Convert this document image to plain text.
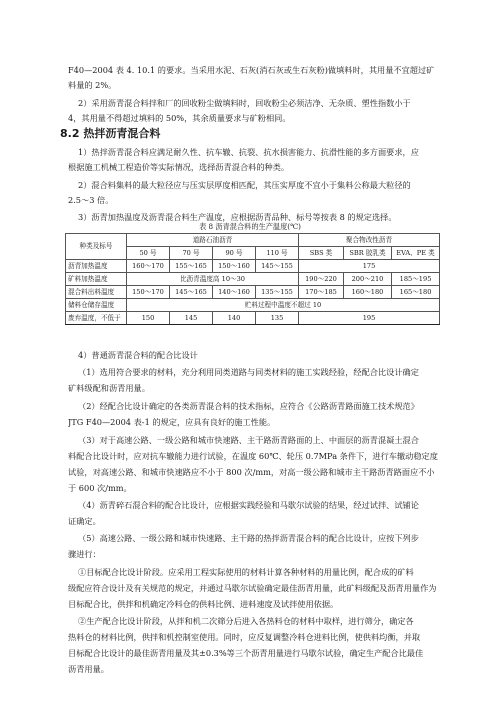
F40—2004 表 4. 10.1 的要求。当采用水泥、石灰(消石灰或生石灰粉)做填料时，其用量不宜超过矿
料量的 2%。
2）采用沥青混合料拌和厂的回收粉尘做填料时，回收粉尘必须洁净、无杂质、塑性指数小于
4，其用量不得超过填料的 50%，其余质量要求与矿粉相同。
8.2 热拌沥青混合料
1）热拌沥青混合料应满足耐久性、抗车辙、抗裂、抗水损害能力、抗滑性能的多方面要求，应
根据施工机械工程造价等实际情况，选择沥青混合料的种类。
2）混合料集料的最大粒径应与压实层厚度相匹配，其压实厚度不宜小于集料公称最大粒径的
2.5～3 倍。
3）沥青加热温度及沥青混合料生产温度，应根据沥青品种、标号等按表 8 的规定选择。
表 8 沥青混合料的生产温度(℃)
种类及标号	道路石油沥青				聚合物改性沥青		
	50 号	70 号	90 号	110 号	SBS 类	SBR 胶乳类	EVA、PE 类
沥青加热温度	160～170	155～165	150～160	145～155	175		
矿料加热温度	比沥青温度高 10～30				190～220	200～210	185～195
混合料出料温度	150～170	145～165	140～160	135～155	170～185	160～180	165～180
储料仓储存温度	贮料过程中温度不超过 10						
废弃温度，不低于	150	145	140	135	195		
4）普通沥青混合料的配合比设计
（1）选用符合要求的材料，充分利用同类道路与同类材料的施工实践经验，经配合比设计确定
矿料级配和沥青用量。
（2）经配合比设计确定的各类沥青混合料的技术指标，应符合《公路沥青路面施工技术规范》
JTG F40—2004 表-1 的规定，应具有良好的施工性能。
（3）对于高速公路、一级公路和城市快速路、主干路沥青路面的上、中面层的沥青混凝土混合
料配合比设计时，应对抗车辙能力进行试验，在温度 60℃、轮压 0.7MPa 条件下，进行车辙动稳定度
试验，对高速公路、和城市快速路应不小于 800 次/mm，对高一级公路和城市主干路沥青路面应不小
于 600 次/mm。
（4）沥青碎石混合料的配合比设计，应根据实践经验和马歇尔试验的结果，经过试拌、试铺论
证确定。
（5）高速公路、一级公路和城市快速路、主干路的热拌沥青混合料的配合比设计，应按下列步
骤进行：
①目标配合比设计阶段。应采用工程实际使用的材料计算各种材料的用量比例，配合成的矿料
级配应符合设计及有关规范的规定，并通过马歇尔试验确定最佳沥青用量，此矿料级配及沥青用量作为
目标配合比，供拌和机确定冷料仓的供料比例、进料速度及试拌使用依据。
②生产配合比设计阶段，从拌和机二次筛分后进入各热料仓的材料中取样，进行筛分，确定各
热料仓的材料比例，供拌和机控制室使用。同时，应反复调整冷料仓进料比例，使供料均衡，并取
目标配合比设计的最佳沥青用量及其±0.3%等三个沥青用量进行马歇尔试验，确定生产配合比最佳
沥青用量。
